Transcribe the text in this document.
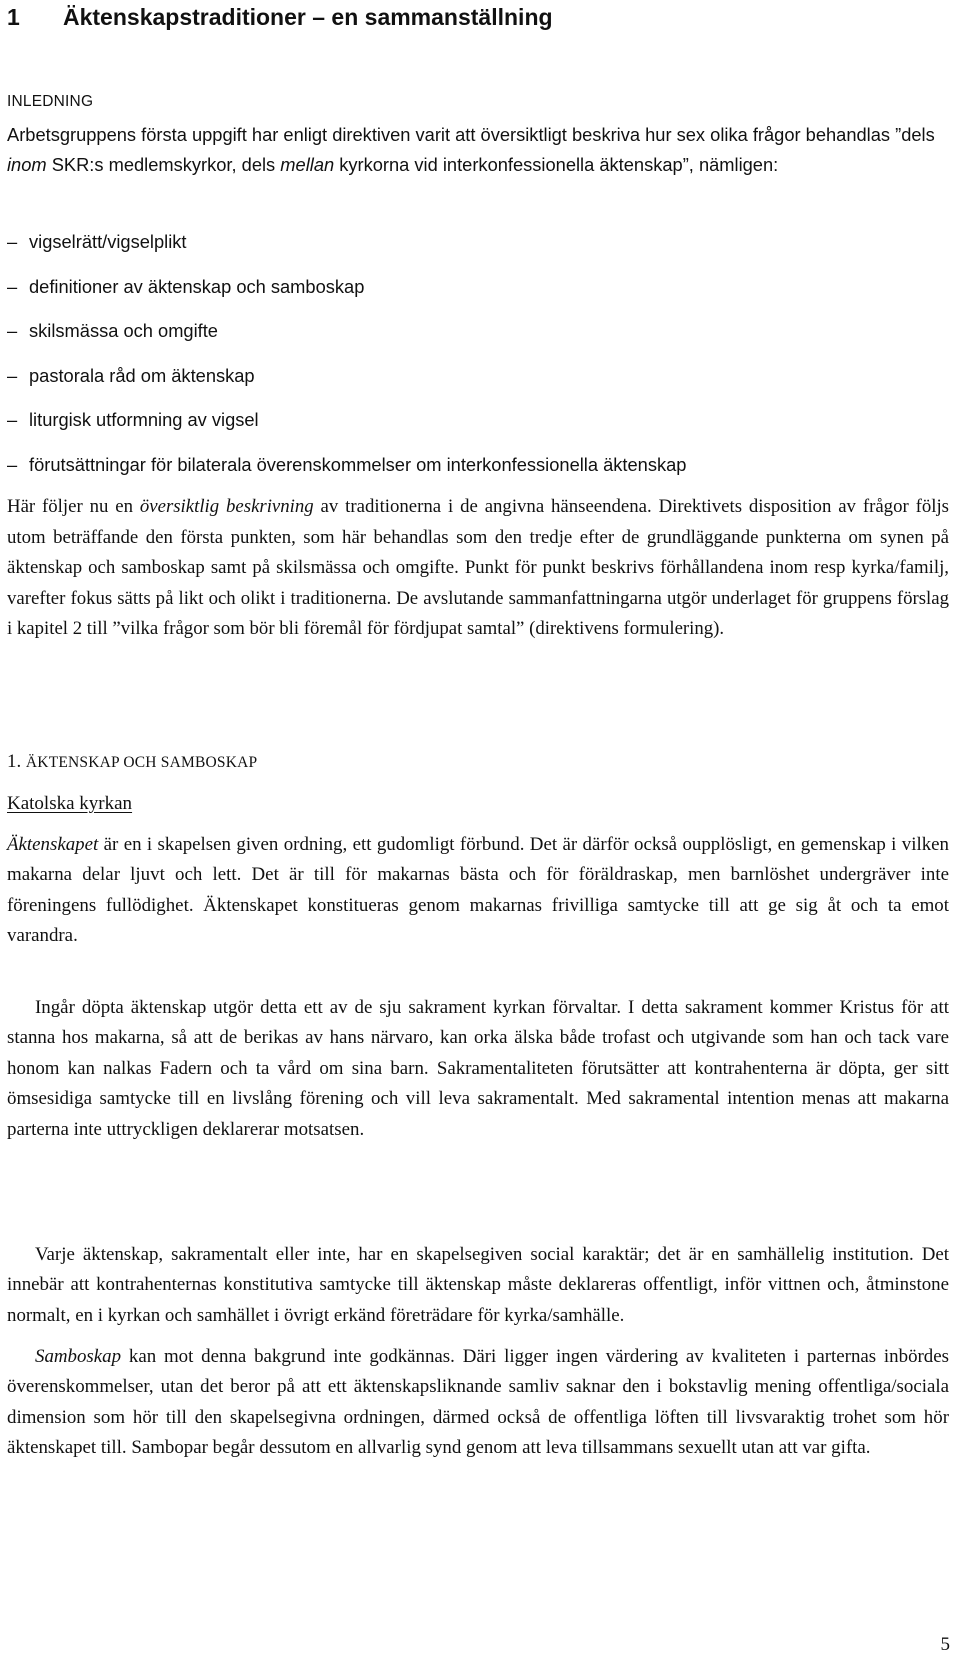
1 Äktenskapstraditioner – en sammanställning
INLEDNING

Arbetsgruppens första uppgift har enligt direktiven varit att översiktligt beskriva hur sex olika frågor behandlas ”dels inom SKR:s medlemskyrkor, dels mellan kyrkorna vid interkonfessionella äktenskap”, nämligen:

– vigselrätt/vigselplikt
– definitioner av äktenskap och samboskap
– skilsmässa och omgifte
– pastorala råd om äktenskap
– liturgisk utformning av vigsel
– förutsättningar för bilaterala överenskommelser om interkonfessionella äktenskap

Här följer nu en översiktlig beskrivning av traditionerna i de angivna hänseendena. Direktivets disposition av frågor följs utom beträffande den första punkten, som här behandlas som den tredje efter de grundläggande punkterna om synen på äktenskap och samboskap samt på skilsmässa och omgifte. Punkt för punkt beskrivs förhållandena inom resp kyrka/familj, varefter fokus sätts på likt och olikt i traditionerna. De avslutande sammanfattningarna utgör underlaget för gruppens förslag i kapitel 2 till ”vilka frågor som bör bli föremål för fördjupat samtal” (direktivens formulering).

1. ÄKTENSKAP OCH SAMBOSKAP
Katolska kyrkan

Äktenskapet är en i skapelsen given ordning, ett gudomligt förbund. Det är därför också oupplösligt, en gemenskap i vilken makarna delar ljuvt och lett. Det är till för makarnas bästa och för föräldraskap, men barnlöshet undergräver inte föreningens fullödighet. Äktenskapet konstitueras genom makarnas frivilliga samtycke till att ge sig åt och ta emot varandra.

Ingår döpta äktenskap utgör detta ett av de sju sakrament kyrkan förvaltar. I detta sakrament kommer Kristus för att stanna hos makarna, så att de berikas av hans närvaro, kan orka älska både trofast och utgivande som han och tack vare honom kan nalkas Fadern och ta vård om sina barn. Sakramentaliteten förutsätter att kontrahenterna är döpta, ger sitt ömsesidiga samtycke till en livslång förening och vill leva sakramentalt. Med sakramental intention menas att makarna parterna inte uttryckligen deklarerar motsatsen.

Varje äktenskap, sakramentalt eller inte, har en skapelsegiven social karaktär; det är en samhällelig institution. Det innebär att kontrahenternas konstitutiva samtycke till äktenskap måste deklareras offentligt, inför vittnen och, åtminstone normalt, en i kyrkan och samhället i övrigt erkänd företrädare för kyrka/samhälle.

Samboskap kan mot denna bakgrund inte godkännas. Däri ligger ingen värdering av kvaliteten i parternas inbördes överenskommelser, utan det beror på att ett äktenskapsliknande samliv saknar den i bokstavlig mening offentliga/sociala dimension som hör till den skapelsegivna ordningen, därmed också de offentliga löften till livsvaraktig trohet som hör äktenskapet till. Sambopar begår dessutom en allvarlig synd genom att leva tillsammans sexuellt utan att var gifta.

5
